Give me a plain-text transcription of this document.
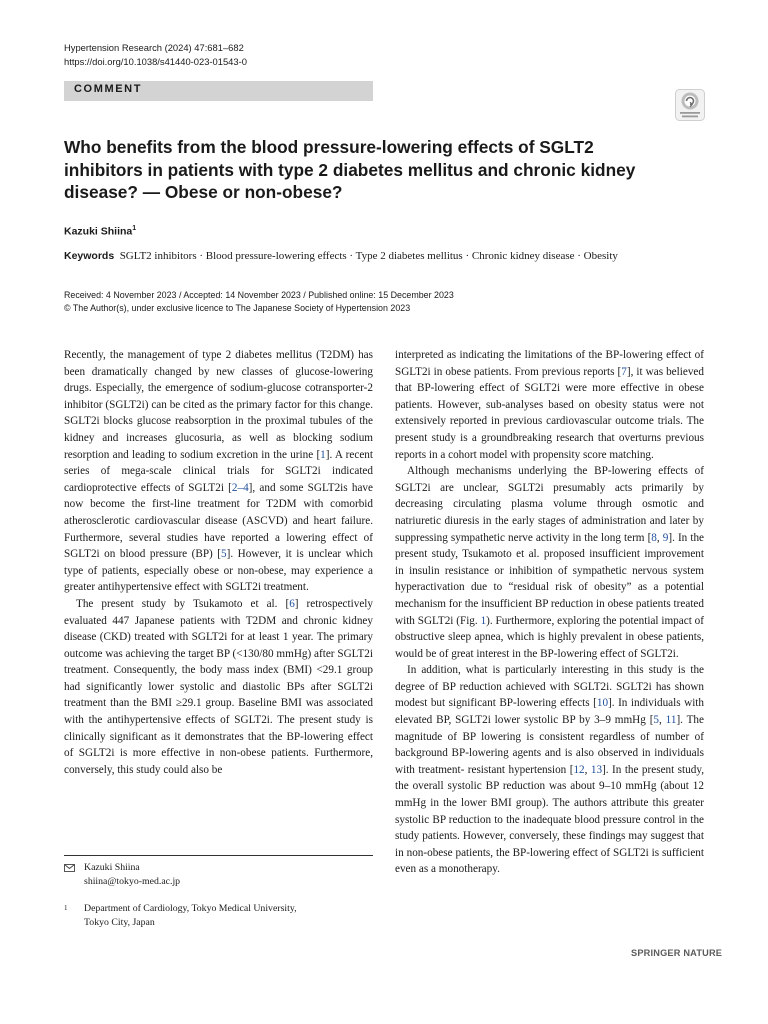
Hypertension Research (2024) 47:681–682
https://doi.org/10.1038/s41440-023-01543-0
COMMENT
Who benefits from the blood pressure-lowering effects of SGLT2 inhibitors in patients with type 2 diabetes mellitus and chronic kidney disease? — Obese or non-obese?
Kazuki Shiina$^1$
Keywords SGLT2 inhibitors · Blood pressure-lowering effects · Type 2 diabetes mellitus · Chronic kidney disease · Obesity
Received: 4 November 2023 / Accepted: 14 November 2023 / Published online: 15 December 2023
© The Author(s), under exclusive licence to The Japanese Society of Hypertension 2023

Recently, the management of type 2 diabetes mellitus (T2DM) has been dramatically changed by new classes of glucose-lowering drugs. Especially, the emergence of sodium-glucose cotransporter-2 inhibitor (SGLT2i) can be cited as the primary factor for this change. SGLT2i blocks glucose reabsorption in the proximal tubules of the kidney and increases glucosuria, as well as blocking sodium resorption and leading to sodium excretion in the urine [1]. A recent series of mega-scale clinical trials for SGLT2i indicated cardioprotective effects of SGLT2i [2–4], and some SGLT2is have now become the first-line treatment for T2DM with comorbid atherosclerotic cardiovascular disease (ASCVD) and heart failure. Furthermore, several studies have reported a lowering effect of SGLT2i on blood pressure (BP) [5]. However, it is unclear which type of patients, especially obese or non-obese, may experience a greater antihypertensive effect with SGLT2i treatment.

The present study by Tsukamoto et al. [6] retrospectively evaluated 447 Japanese patients with T2DM and chronic kidney disease (CKD) treated with SGLT2i for at least 1 year. The primary outcome was achieving the target BP (<130/80 mmHg) after SGLT2i treatment. Consequently, the body mass index (BMI) <29.1 group had significantly lower systolic and diastolic BPs after SGLT2i treatment than the BMI ≥29.1 group. Baseline BMI was associated with the antihypertensive effects of SGLT2i. The present study is clinically significant as it demonstrates that the BP-lowering effect of SGLT2i is more effective in non-obese patients. Furthermore, conversely, this study could also be

interpreted as indicating the limitations of the BP-lowering effect of SGLT2i in obese patients. From previous reports [7], it was believed that BP-lowering effect of SGLT2i were more effective in obese patients. However, sub-analyses based on obesity status were not extensively reported in previous cardiovascular outcome trials. The present study is a groundbreaking research that overturns previous reports in a cohort model with propensity score matching.

Although mechanisms underlying the BP-lowering effects of SGLT2i are unclear, SGLT2i presumably acts primarily by decreasing circulating plasma volume through osmotic and natriuretic diuresis in the early stages of administration and later by suppressing sympathetic nerve activity in the long term [8, 9]. In the present study, Tsukamoto et al. proposed insufficient improvement in insulin resistance or inhibition of sympathetic nervous system hyperactivation due to “residual risk of obesity” as a potential mechanism for the insufficient BP reduction in obese patients treated with SGLT2i (Fig. 1). Furthermore, exploring the potential impact of obstructive sleep apnea, which is highly prevalent in obese patients, would be of great interest in the BP-lowering effect of SGLT2i.

In addition, what is particularly interesting in this study is the degree of BP reduction achieved with SGLT2i. SGLT2i has shown modest but significant BP-lowering effects [10]. In individuals with elevated BP, SGLT2i lower systolic BP by 3–9 mmHg [5, 11]. The magnitude of BP lowering is consistent regardless of number of background BP-lowering agents and is also observed in individuals with treatment- resistant hypertension [12, 13]. In the present study, the overall systolic BP reduction was about 9–10 mmHg (about 12 mmHg in the lower BMI group). The authors attribute this greater systolic BP reduction to the inadequate blood pressure control in the study patients. However, conversely, these findings may suggest that in non-obese patients, the BP-lowering effect of SGLT2i is sufficient even as a monotherapy.

Kazuki Shiina
shiina@tokyo-med.ac.jp
1	Department of Cardiology, Tokyo Medical University,
Tokyo City, Japan
SPRINGER NATURE
